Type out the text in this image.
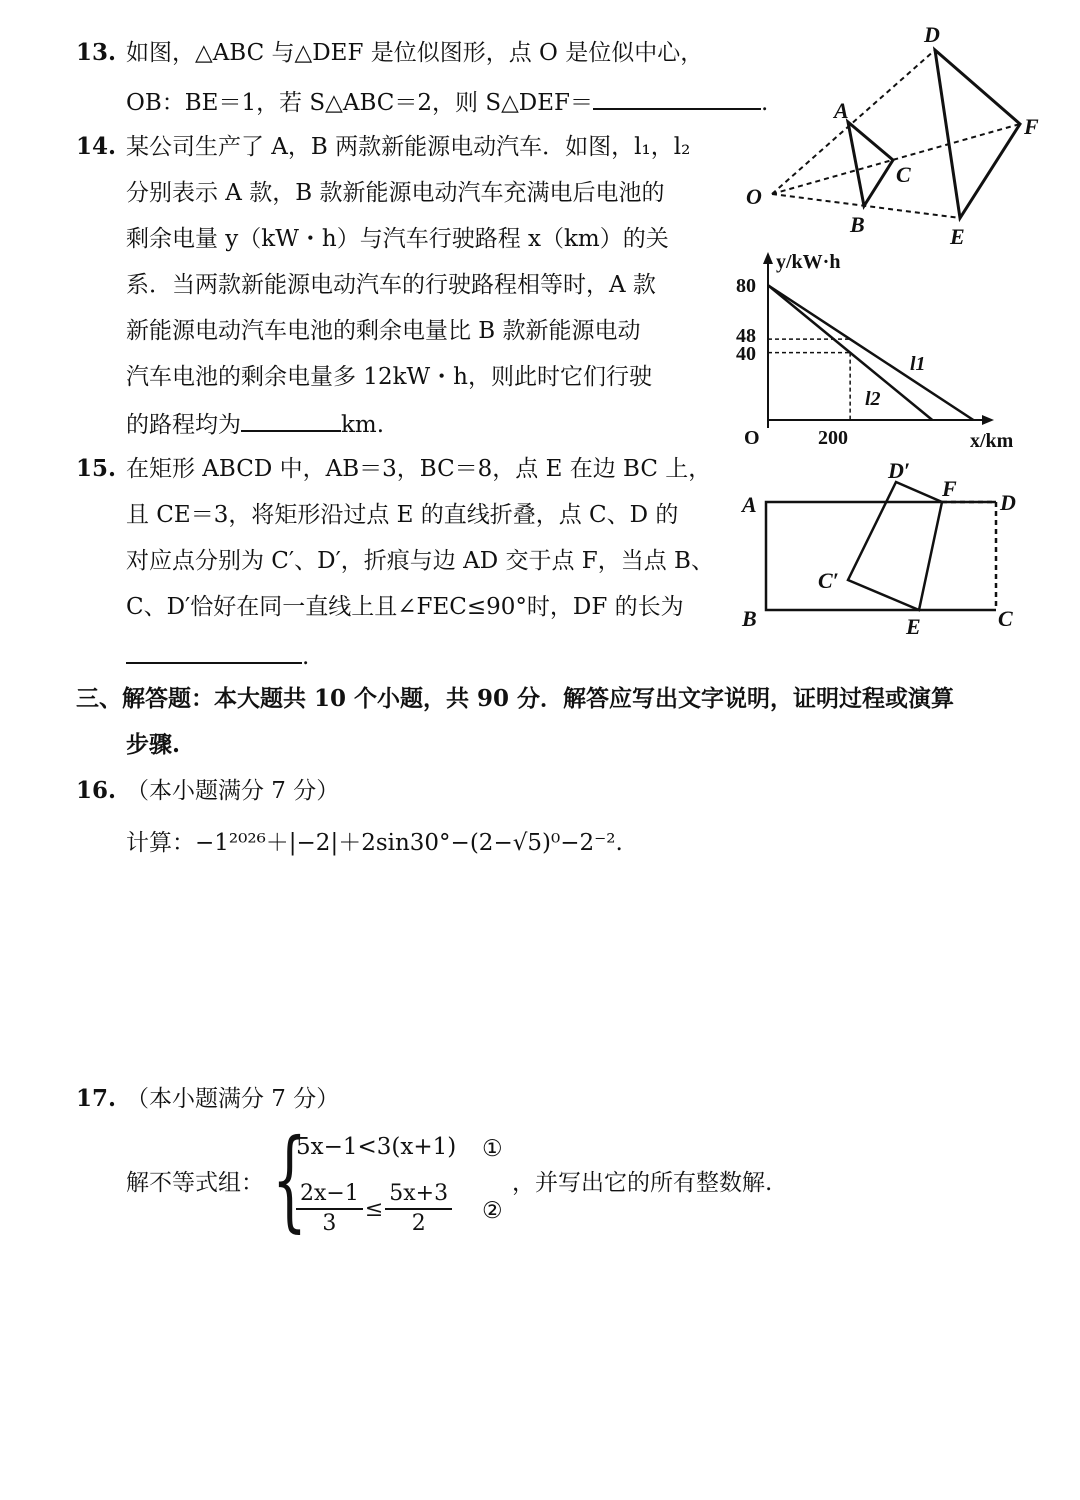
13. 如图，△ABC 与△DEF 是位似图形，点 O 是位似中心，
OB：BE＝1，若 S△ABC＝2，则 S△DEF＝	.
D
A
F
C
O
B	E
14. 某公司生产了 A，B 两款新能源电动汽车．如图，l₁，l₂
分别表示 A 款，B 款新能源电动汽车充满电后电池的
剩余电量 y（kW・h）与汽车行驶路程 x（km）的关
系．当两款新能源电动汽车的行驶路程相等时，A 款
新能源电动汽车电池的剩余电量比 B 款新能源电动
汽车电池的剩余电量多 12kW・h，则此时它们行驶
的路程均为	km.
y/kW·h
x/km
O
80
48
40
200
l1
l2
15. 在矩形 ABCD 中，AB＝3，BC＝8，点 E 在边 BC 上，
且 CE＝3，将矩形沿过点 E 的直线折叠，点 C、D 的
对应点分别为 C′、D′，折痕与边 AD 交于点 F，当点 B、
C、D′恰好在同一直线上且∠FEC≤90°时，DF 的长为
.
D′
F
D
A
C′
B	E	C
三、解答题：本大题共 10 个小题，共 90 分．解答应写出文字说明，证明过程或演算
步骤.
16. （本小题满分 7 分）
计算：−1²⁰²⁶＋|−2|＋2sin30°−(2−√5)⁰−2⁻².
17. （本小题满分 7 分）
解不等式组： {
5x−1<3(x+1) ①
$\frac{2x-1}{3} \le \frac{5x+3}{2}$ ②
，并写出它的所有整数解.
